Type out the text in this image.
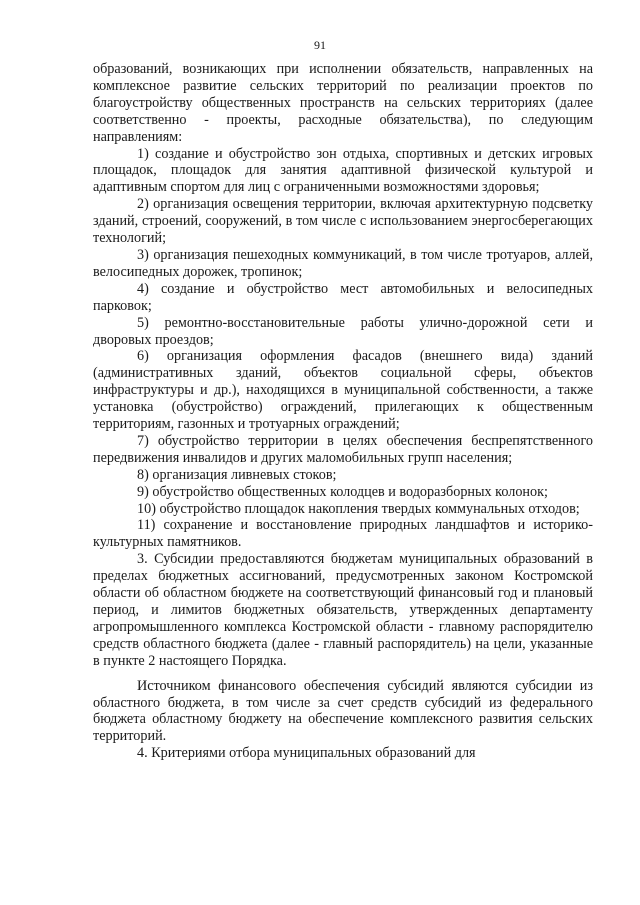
91

образований, возникающих при исполнении обязательств, направленных на комплексное развитие сельских территорий по реализации проектов по благоустройству общественных пространств на сельских территориях (далее соответственно - проекты, расходные обязательства), по следующим направлениям:

1) создание и обустройство зон отдыха, спортивных и детских игровых площадок, площадок для занятия адаптивной физической культурой и адаптивным спортом для лиц с ограниченными возможностями здоровья;

2) организация освещения территории, включая архитектурную подсветку зданий, строений, сооружений, в том числе с использованием энергосберегающих технологий;

3) организация пешеходных коммуникаций, в том числе тротуаров, аллей, велосипедных дорожек, тропинок;

4) создание и обустройство мест автомобильных и велосипедных парковок;

5) ремонтно-восстановительные работы улично-дорожной сети и дворовых проездов;

6) организация оформления фасадов (внешнего вида) зданий (административных зданий, объектов социальной сферы, объектов инфраструктуры и др.), находящихся в муниципальной собственности, а также установка (обустройство) ограждений, прилегающих к общественным территориям, газонных и тротуарных ограждений;

7) обустройство территории в целях обеспечения беспрепятственного передвижения инвалидов и других маломобильных групп населения;

8) организация ливневых стоков;

9) обустройство общественных колодцев и водоразборных колонок;

10) обустройство площадок накопления твердых коммунальных отходов;

11) сохранение и восстановление природных ландшафтов и историко-культурных памятников.

3. Субсидии предоставляются бюджетам муниципальных образований в пределах бюджетных ассигнований, предусмотренных законом Костромской области об областном бюджете на соответствующий финансовый год и плановый период, и лимитов бюджетных обязательств, утвержденных департаменту агропромышленного комплекса Костромской области - главному распорядителю средств областного бюджета (далее - главный распорядитель) на цели, указанные в пункте 2 настоящего Порядка.

Источником финансового обеспечения субсидий являются субсидии из областного бюджета, в том числе за счет средств субсидий из федерального бюджета областному бюджету на обеспечение комплексного развития сельских территорий.

4. Критериями отбора муниципальных образований для
